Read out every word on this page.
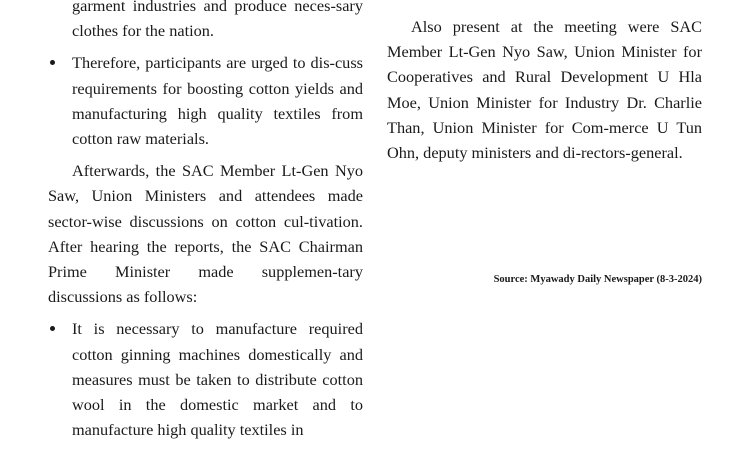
garment industries and produce neces-sary clothes for the nation.
Therefore, participants are urged to dis-cuss requirements for boosting cotton yields and manufacturing high quality textiles from cotton raw materials.

Afterwards, the SAC Member Lt-Gen Nyo Saw, Union Ministers and attendees made sector-wise discussions on cotton cul-tivation. After hearing the reports, the SAC Chairman Prime Minister made supplemen-tary discussions as follows:

It is necessary to manufacture required cotton ginning machines domestically and measures must be taken to distribute cotton wool in the domestic market and to manufacture high quality textiles in

Also present at the meeting were SAC Member Lt-Gen Nyo Saw, Union Minister for Cooperatives and Rural Development U Hla Moe, Union Minister for Industry Dr. Charlie Than, Union Minister for Com-merce U Tun Ohn, deputy ministers and di-rectors-general.

Source: Myawady Daily Newspaper (8-3-2024)
